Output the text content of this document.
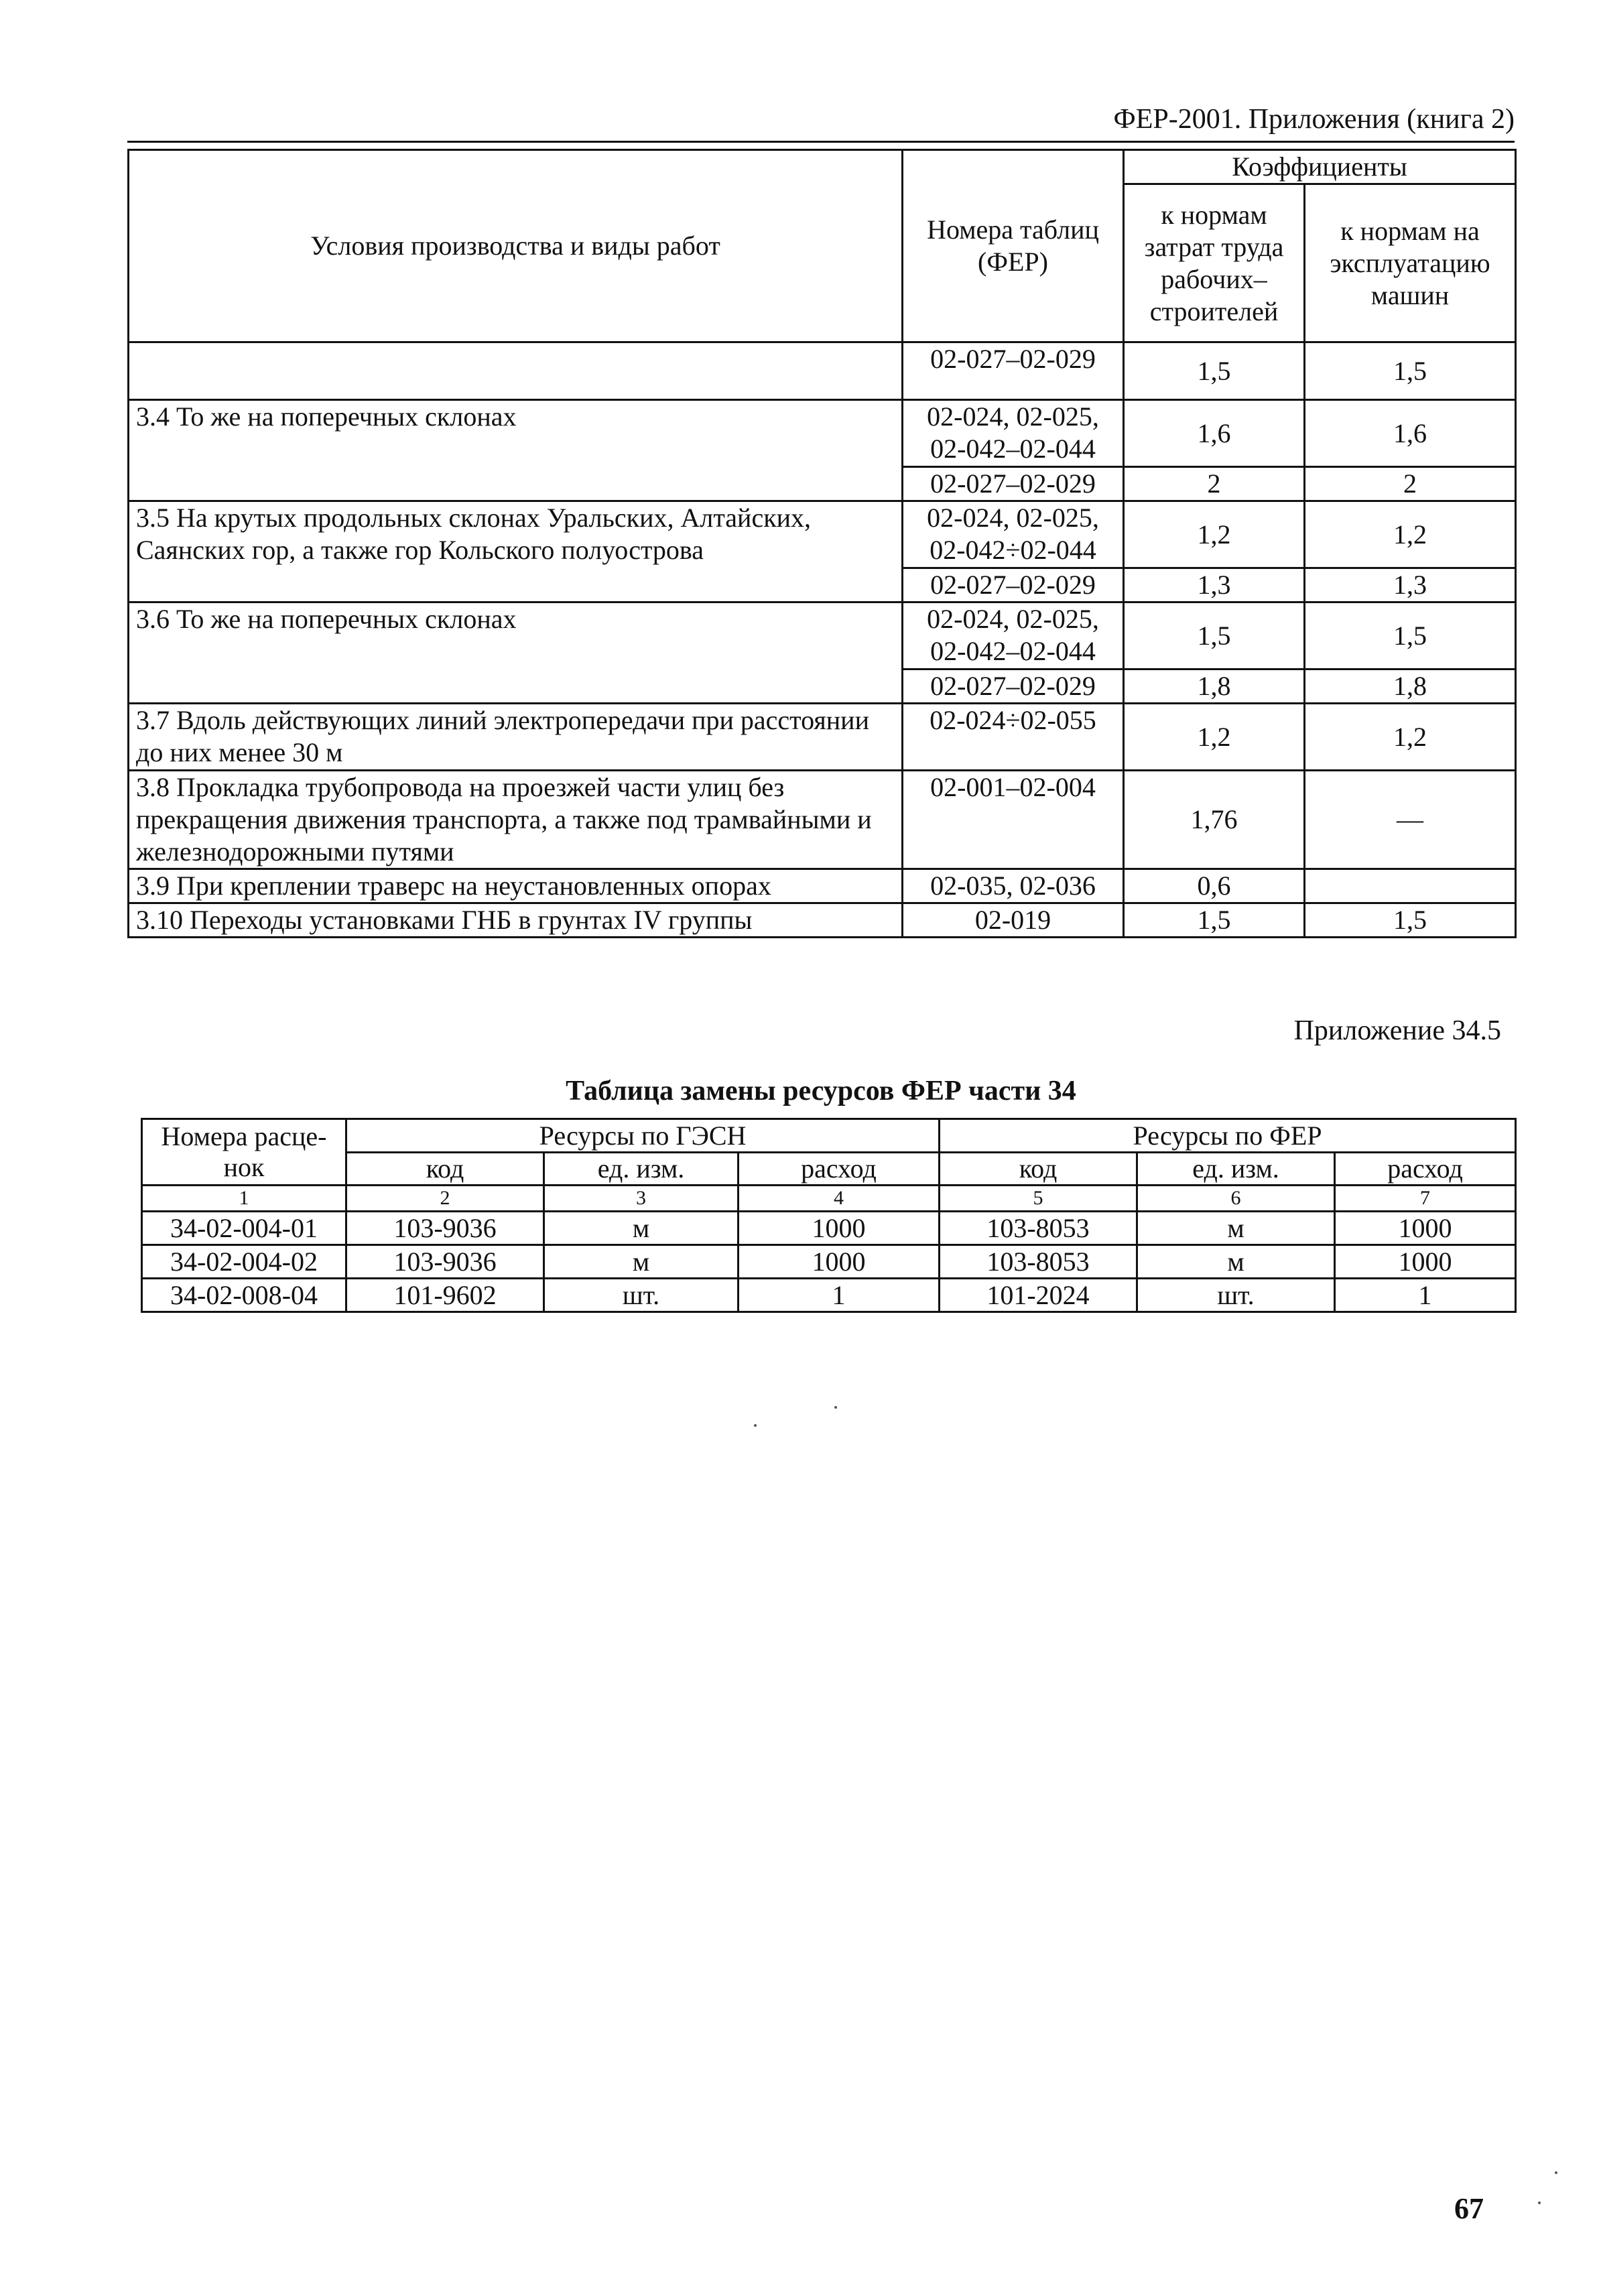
ФЕР-2001. Приложения (книга 2)
Условия производства и виды работ	Номера таблиц (ФЕР)	Коэффициенты	
		к нормам затрат труда рабочих–строителей	к нормам на эксплуатацию машин
	02-027–02-029	1,5	1,5
3.4 То же на поперечных склонах	02-024, 02-025, 02-042–02-044	1,6	1,6
	02-027–02-029	2	2
3.5 На крутых продольных склонах Уральских, Алтайских, Саянских гор, а также гор Кольского полуострова	02-024, 02-025, 02-042÷02-044	1,2	1,2
	02-027–02-029	1,3	1,3
3.6 То же на поперечных склонах	02-024, 02-025, 02-042–02-044	1,5	1,5
	02-027–02-029	1,8	1,8
3.7 Вдоль действующих линий электропередачи при расстоянии до них менее 30 м	02-024÷02-055	1,2	1,2
3.8 Прокладка трубопровода на проезжей части улиц без прекращения движения транспорта, а также под трамвайными и железнодорожными путями	02-001–02-004	1,76	—
3.9 При креплении траверс на неустановленных опорах	02-035, 02-036	0,6	
3.10 Переходы установками ГНБ в грунтах IV группы	02-019	1,5	1,5
Приложение 34.5
Таблица замены ресурсов ФЕР части 34
Номера расце-нок	Ресурсы по ГЭСН			Ресурсы по ФЕР		
	код	ед. изм.	расход	код	ед. изм.	расход
1	2	3	4	5	6	7
34-02-004-01	103-9036	м	1000	103-8053	м	1000
34-02-004-02	103-9036	м	1000	103-8053	м	1000
34-02-008-04	101-9602	шт.	1	101-2024	шт.	1
67
